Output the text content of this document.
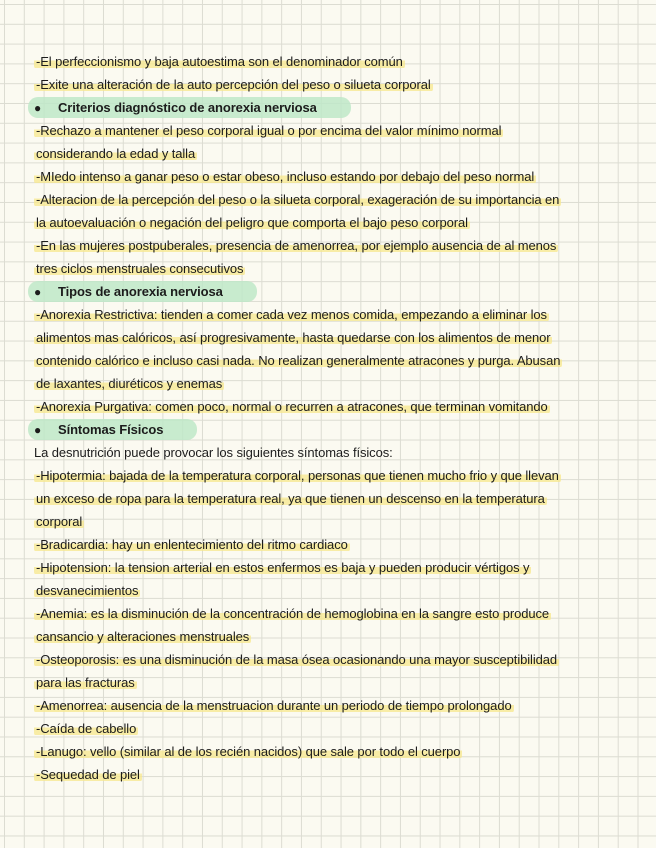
-El perfeccionismo y baja autoestima son el denominador común
-Exite una alteración de la auto percepción del peso o silueta corporal
● Criterios diagnóstico de anorexia nerviosa
-Rechazo a mantener el peso corporal igual o por encima del valor mínimo normal
considerando la edad y talla
-MIedo intenso a ganar peso o estar obeso, incluso estando por debajo del peso normal
-Alteracion de la percepción del peso o la silueta corporal, exageración de su importancia en
la autoevaluación o negación del peligro que comporta el bajo peso corporal
-En las mujeres postpuberales, presencia de amenorrea, por ejemplo ausencia de al menos
tres ciclos menstruales consecutivos
● Tipos de anorexia nerviosa
-Anorexia Restrictiva: tienden a comer cada vez menos comida, empezando a eliminar los
alimentos mas calóricos, así progresivamente, hasta quedarse con los alimentos de menor
contenido calórico e incluso casi nada. No realizan generalmente atracones y purga. Abusan
de laxantes, diuréticos y enemas
-Anorexia Purgativa: comen poco, normal o recurren a atracones, que terminan vomitando
● Síntomas Físicos
La desnutrición puede provocar los siguientes síntomas físicos:
-Hipotermia: bajada de la temperatura corporal, personas que tienen mucho frio y que llevan
un exceso de ropa para la temperatura real, ya que tienen un descenso en la temperatura
corporal
-Bradicardia: hay un enlentecimiento del ritmo cardiaco
-Hipotension: la tension arterial en estos enfermos es baja y pueden producir vértigos y
desvanecimientos
-Anemia: es la disminución de la concentración de hemoglobina en la sangre esto produce
cansancio y alteraciones menstruales
-Osteoporosis: es una disminución de la masa ósea ocasionando una mayor susceptibilidad
para las fracturas
-Amenorrea: ausencia de la menstruacion durante un periodo de tiempo prolongado
-Caída de cabello
-Lanugo: vello (similar al de los recién nacidos) que sale por todo el cuerpo
-Sequedad de piel
